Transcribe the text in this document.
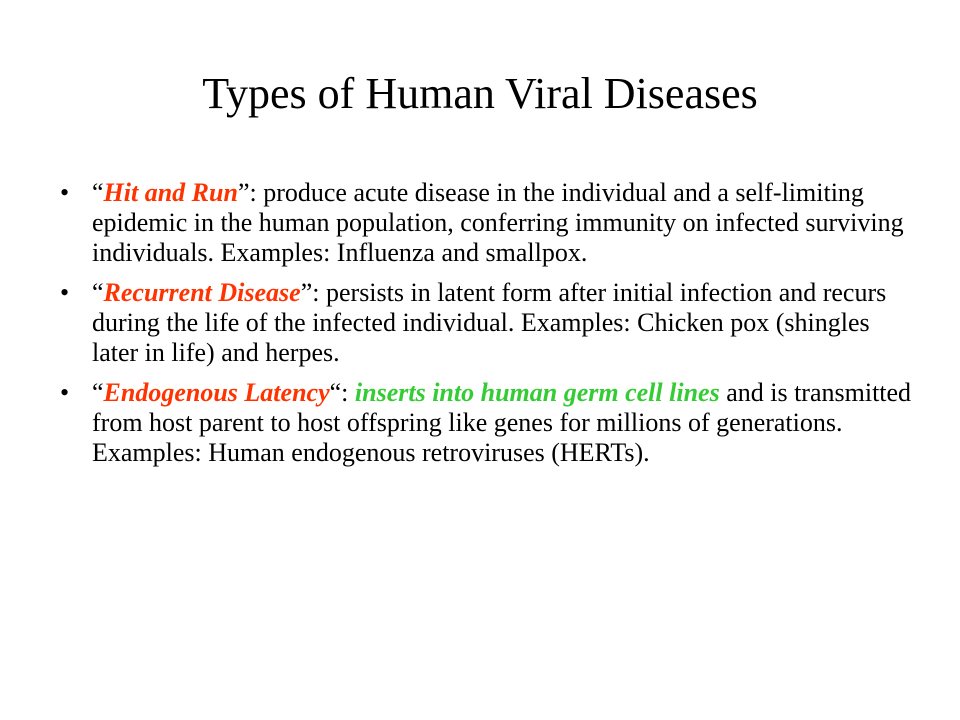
Types of Human Viral Diseases
• “Hit and Run”: produce acute disease in the individual and a self-limiting epidemic in the human population, conferring immunity on infected surviving individuals. Examples: Influenza and smallpox.
• “Recurrent Disease”: persists in latent form after initial infection and recurs during the life of the infected individual. Examples: Chicken pox (shingles later in life) and herpes.
• “Endogenous Latency“: inserts into human germ cell lines and is transmitted from host parent to host offspring like genes for millions of generations. Examples: Human endogenous retroviruses (HERTs).
